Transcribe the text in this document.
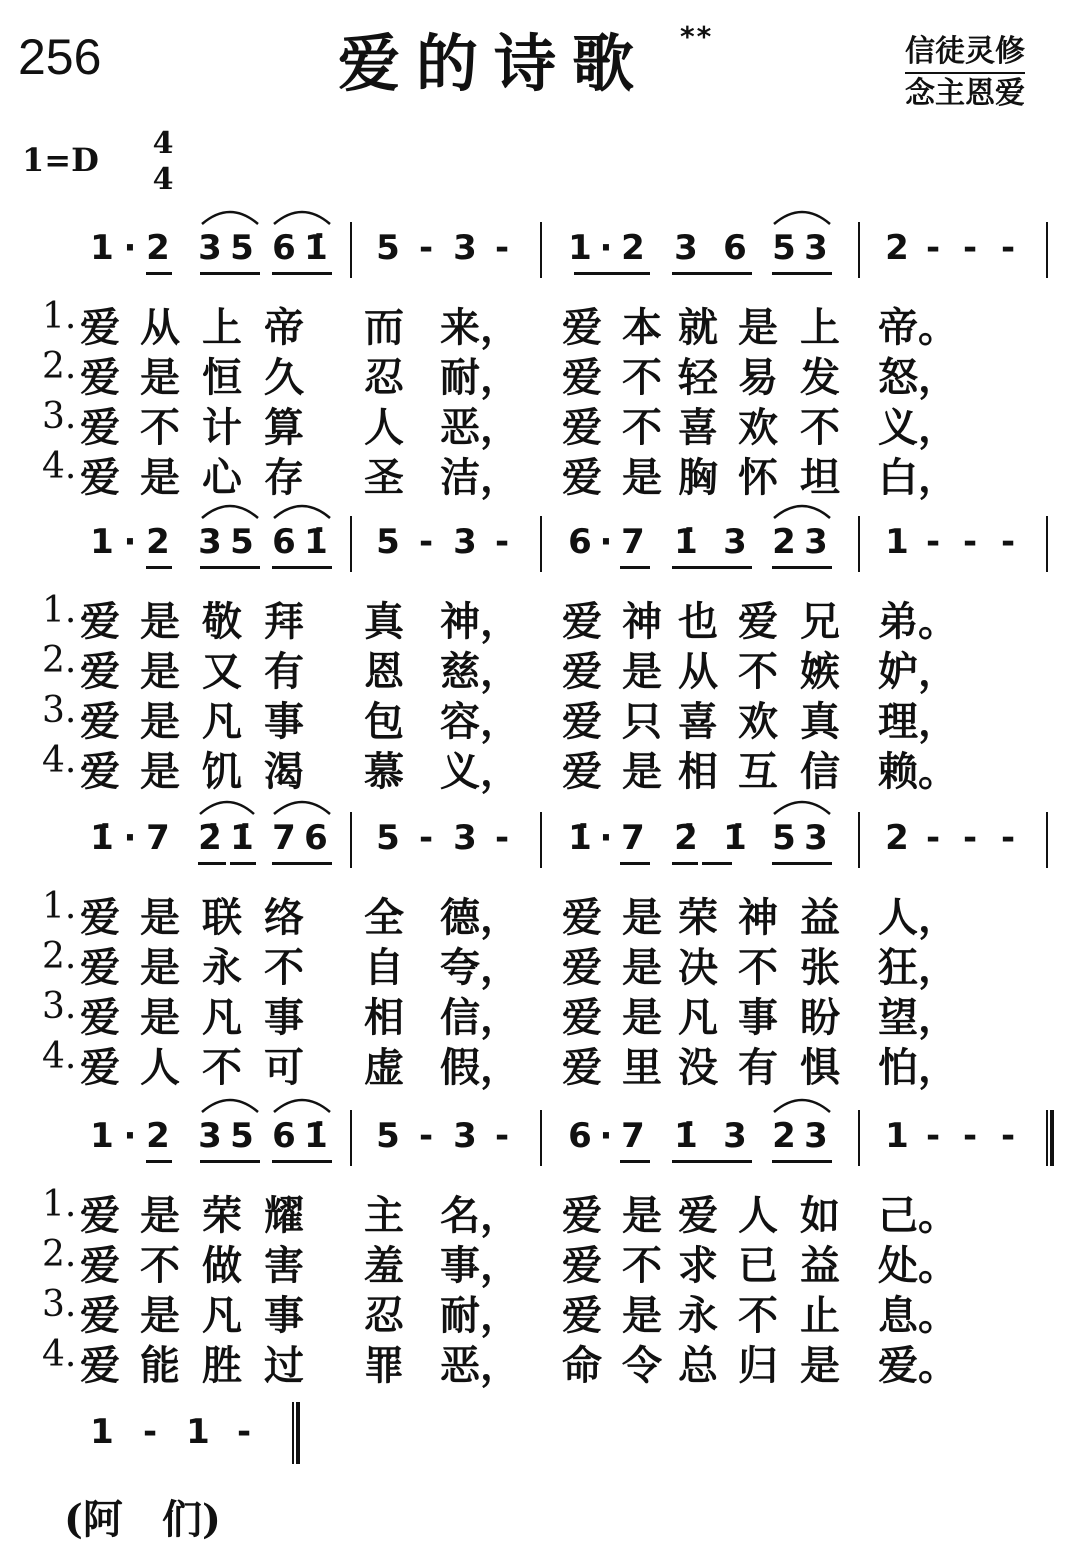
256	爱的诗歌 **	信徒灵修
念主恩爱
1=D 4
4
1 · 2 3 5 6 1̇ 5 - 3 - 1 · 2 3 6 5 3 2 - - -
1. 爱 从 上 帝 而 来， 爱 本 就 是 上 帝。
2. 爱 是 恒 久 忍 耐， 爱 不 轻 易 发 怒，
3. 爱 不 计 算 人 恶， 爱 不 喜 欢 不 义，
4. 爱 是 心 存 圣 洁， 爱 是 胸 怀 坦 白，
1 · 2 3 5 6 1̇ 5 - 3 - 6 · 7 1̇ 3 2 3 1 - - -
1. 爱 是 敬 拜 真 神， 爱 神 也 爱 兄 弟。
2. 爱 是 又 有 恩 慈， 爱 是 从 不 嫉 妒，
3. 爱 是 凡 事 包 容， 爱 只 喜 欢 真 理，
4. 爱 是 饥 渴 慕 义， 爱 是 相 互 信 赖。
1̇ · 7 2̇ 1̇ 7 6 5 - 3 - 1̇ · 7 2̇ 1̇ 5 3 2 - - -
1. 爱 是 联 络 全 德， 爱 是 荣 神 益 人，
2. 爱 是 永 不 自 夸， 爱 是 决 不 张 狂，
3. 爱 是 凡 事 相 信， 爱 是 凡 事 盼 望，
4. 爱 人 不 可 虚 假， 爱 里 没 有 惧 怕，
1 · 2 3 5 6 1̇ 5 - 3 - 6 · 7 1̇ 3 2 3 1 - - -
1. 爱 是 荣 耀 主 名， 爱 是 爱 人 如 己。
2. 爱 不 做 害 羞 事， 爱 不 求 已 益 处。
3. 爱 是 凡 事 忍 耐， 爱 是 永 不 止 息。
4. 爱 能 胜 过 罪 恶， 命 令 总 归 是 爱。
1 - 1 -
(阿 们)
